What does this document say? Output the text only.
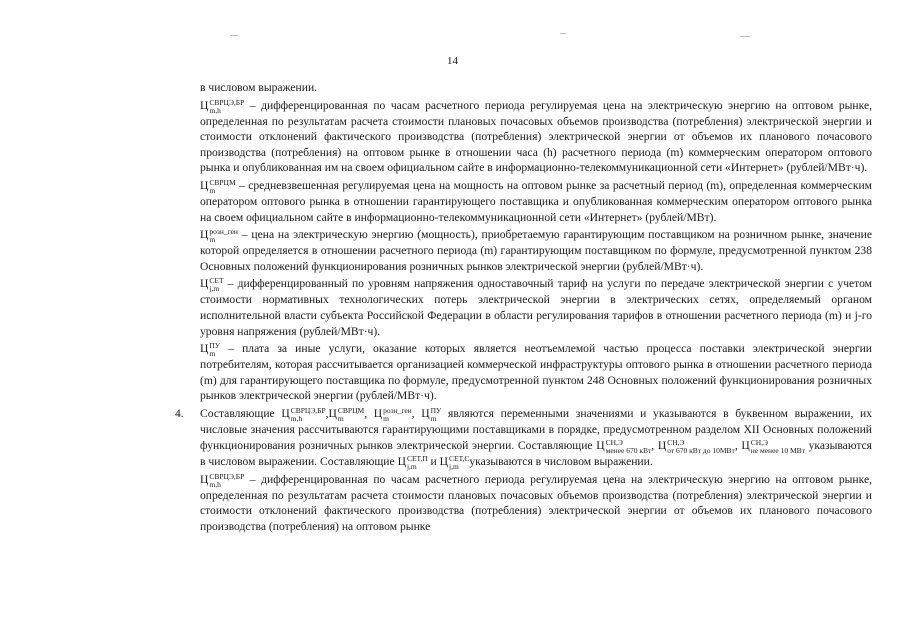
14
в числовом выражении.
Ц СВРЦЭ,БР
m,h	– дифференцированная по часам расчетного периода регулируемая цена на электрическую энергию на оптовом рынке, определенная по результатам расчета стоимости плановых почасовых объемов производства (потребления) электрической энергии и стоимости отклонений фактического производства (потребления) электрической энергии от объемов их планового почасового производства (потребления) на оптовом рынке в отношении часа (h) расчетного периода (m) коммерческим оператором оптового рынка и опубликованная им на своем официальном сайте в информационно-телекоммуникационной сети «Интернет» (рублей/МВт·ч).
Ц СВРЦМ
m	– средневзвешенная регулируемая цена на мощность на оптовом рынке за расчетный период (m), определенная коммерческим оператором оптового рынка в отношении гарантирующего поставщика и опубликованная коммерческим оператором оптового рынка на своем официальном сайте в информационно-телекоммуникационной сети «Интернет» (рублей/МВт).
Ц розн_ген
m	– цена на электрическую энергию (мощность), приобретаемую гарантирующим поставщиком на розничном рынке, значение которой определяется в отношении расчетного периода (m) гарантирующим поставщиком по формуле, предусмотренной пунктом 238 Основных положений функционирования розничных рынков электрической энергии (рублей/МВт·ч).
Ц СЕТ
j,m – дифференцированный по уровням напряжения одноставочный тариф на услуги по передаче электрической энергии с учетом стоимости нормативных технологических потерь электрической энергии в электрических сетях, определяемый органом исполнительной власти субъекта Российской Федерации в области регулирования тарифов в отношении расчетного периода (m) и j-го уровня напряжения (рублей/МВт·ч).
Ц ПУ
m – плата за иные услуги, оказание которых является неотъемлемой частью процесса поставки электрической энергии потребителям, которая рассчитывается организацией коммерческой инфраструктуры оптового рынка в отношении расчетного периода (m) для гарантирующего поставщика по формуле, предусмотренной пунктом 248 Основных положений функционирования розничных рынков электрической энергии (рублей/МВт·ч).
4. Составляющие Ц СВРЦЭ,БР
m,h	,Ц СВРЦМ
m	, Ц розн_ген
m	, Ц ПУ
m являются переменными значениями и указываются в буквенном выражении, их числовые значения рассчитываются гарантирующими поставщиками в порядке, предусмотренном разделом XII Основных положений функционирования розничных рынков электрической энергии. Составляющие Ц СН,Э
менее 670 кВт , Ц СН,Э
от 670 кВт до 10МВт , Ц СН,Э
не менее 10 МВт указываются в числовом выражении. Составляющие Ц СЕТ,П
j,m и Ц СЕТ,С
j,m указываются в числовом выражении.
Ц СВРЦЭ,БР
m,h	– дифференцированная по часам расчетного периода регулируемая цена на электрическую энергию на оптовом рынке, определенная по результатам расчета стоимости плановых почасовых объемов производства (потребления) электрической энергии и стоимости отклонений фактического производства (потребления) электрической энергии от объемов их планового почасового производства (потребления) на оптовом рынке
